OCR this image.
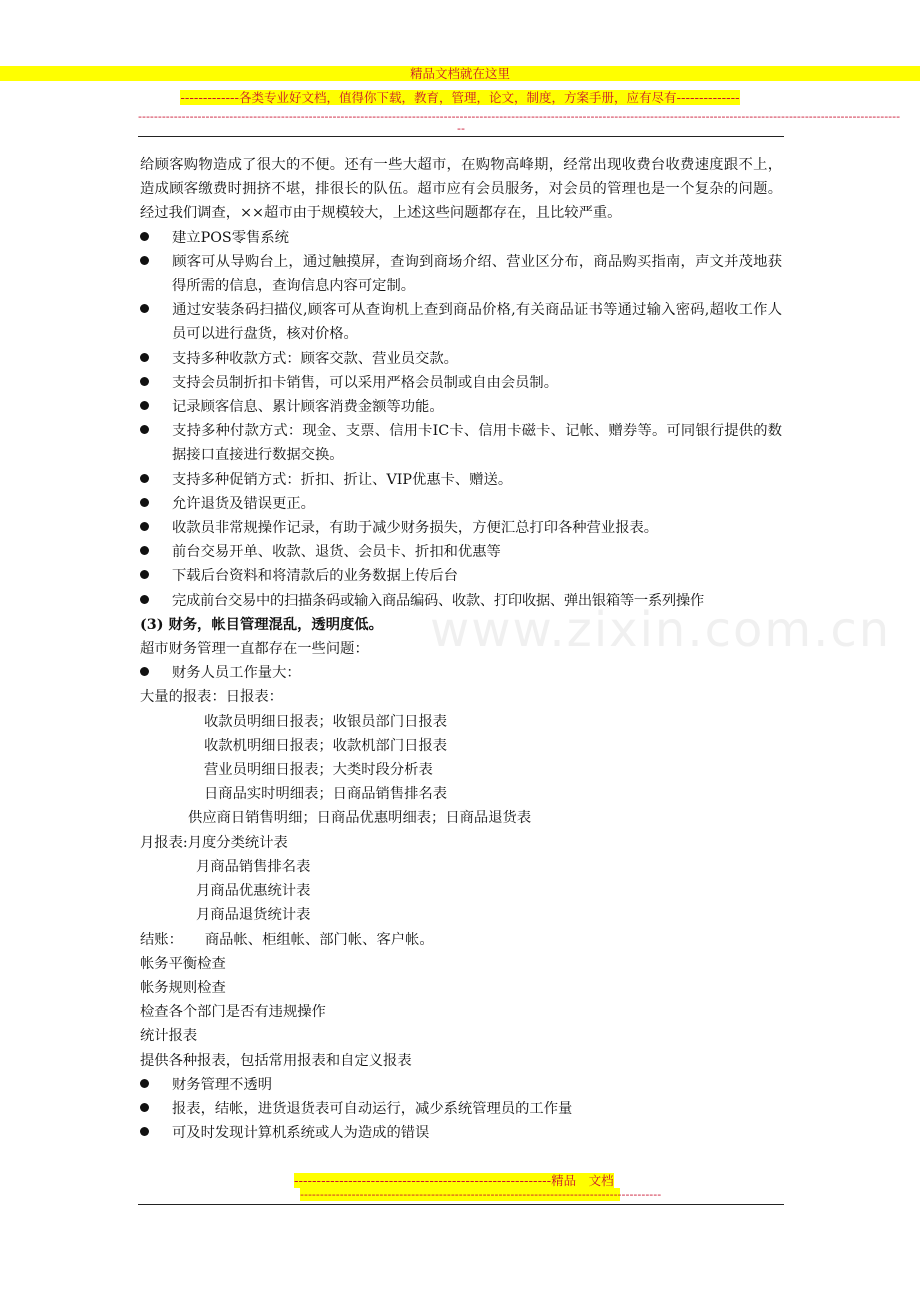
精品文档就在这里
-------------各类专业好文档，值得你下载，教育，管理，论文，制度，方案手册，应有尽有--------------
------------------------------------------------------------------------------------------------------------------------------------------------------------------------------------------------
--
www.zixin.com.cn

给顾客购物造成了很大的不便。还有一些大超市，在购物高峰期，经常出现收费台收费速度跟不上，造成顾客缴费时拥挤不堪，排很长的队伍。超市应有会员服务，对会员的管理也是一个复杂的问题。经过我们调查，××超市由于规模较大，上述这些问题都存在，且比较严重。

建立POS零售系统

顾客可从导购台上，通过触摸屏，查询到商场介绍、营业区分布，商品购买指南，声文并茂地获得所需的信息，查询信息内容可定制。

通过安装条码扫描仪,顾客可从查询机上查到商品价格,有关商品证书等通过输入密码,超收工作人员可以进行盘货，核对价格。

支持多种收款方式：顾客交款、营业员交款。

支持会员制折扣卡销售，可以采用严格会员制或自由会员制。

记录顾客信息、累计顾客消费金额等功能。

支持多种付款方式：现金、支票、信用卡IC卡、信用卡磁卡、记帐、赠券等。可同银行提供的数据接口直接进行数据交换。

支持多种促销方式：折扣、折让、VIP优惠卡、赠送。

允许退货及错误更正。

收款员非常规操作记录，有助于减少财务损失，方便汇总打印各种营业报表。

前台交易开单、收款、退货、会员卡、折扣和优惠等

下载后台资料和将清款后的业务数据上传后台

完成前台交易中的扫描条码或输入商品编码、收款、打印收据、弹出银箱等一系列操作

(3) 财务，帐目管理混乱，透明度低。

超市财务管理一直都存在一些问题：

财务人员工作量大：

大量的报表：日报表：

收款员明细日报表；收银员部门日报表

收款机明细日报表；收款机部门日报表

营业员明细日报表；大类时段分析表

日商品实时明细表；日商品销售排名表

供应商日销售明细；日商品优惠明细表；日商品退货表

月报表:月度分类统计表

月商品销售排名表

月商品优惠统计表

月商品退货统计表

结账： 商品帐、柜组帐、部门帐、客户帐。

帐务平衡检查

帐务规则检查

检查各个部门是否有违规操作

统计报表

提供各种报表，包括常用报表和自定义报表

财务管理不透明

报表，结帐，进货退货表可自动运行，减少系统管理员的工作量

可及时发现计算机系统或人为造成的错误

---------------------------------------------------------精品　文档
-------------------------------------------------------------------------------------------
